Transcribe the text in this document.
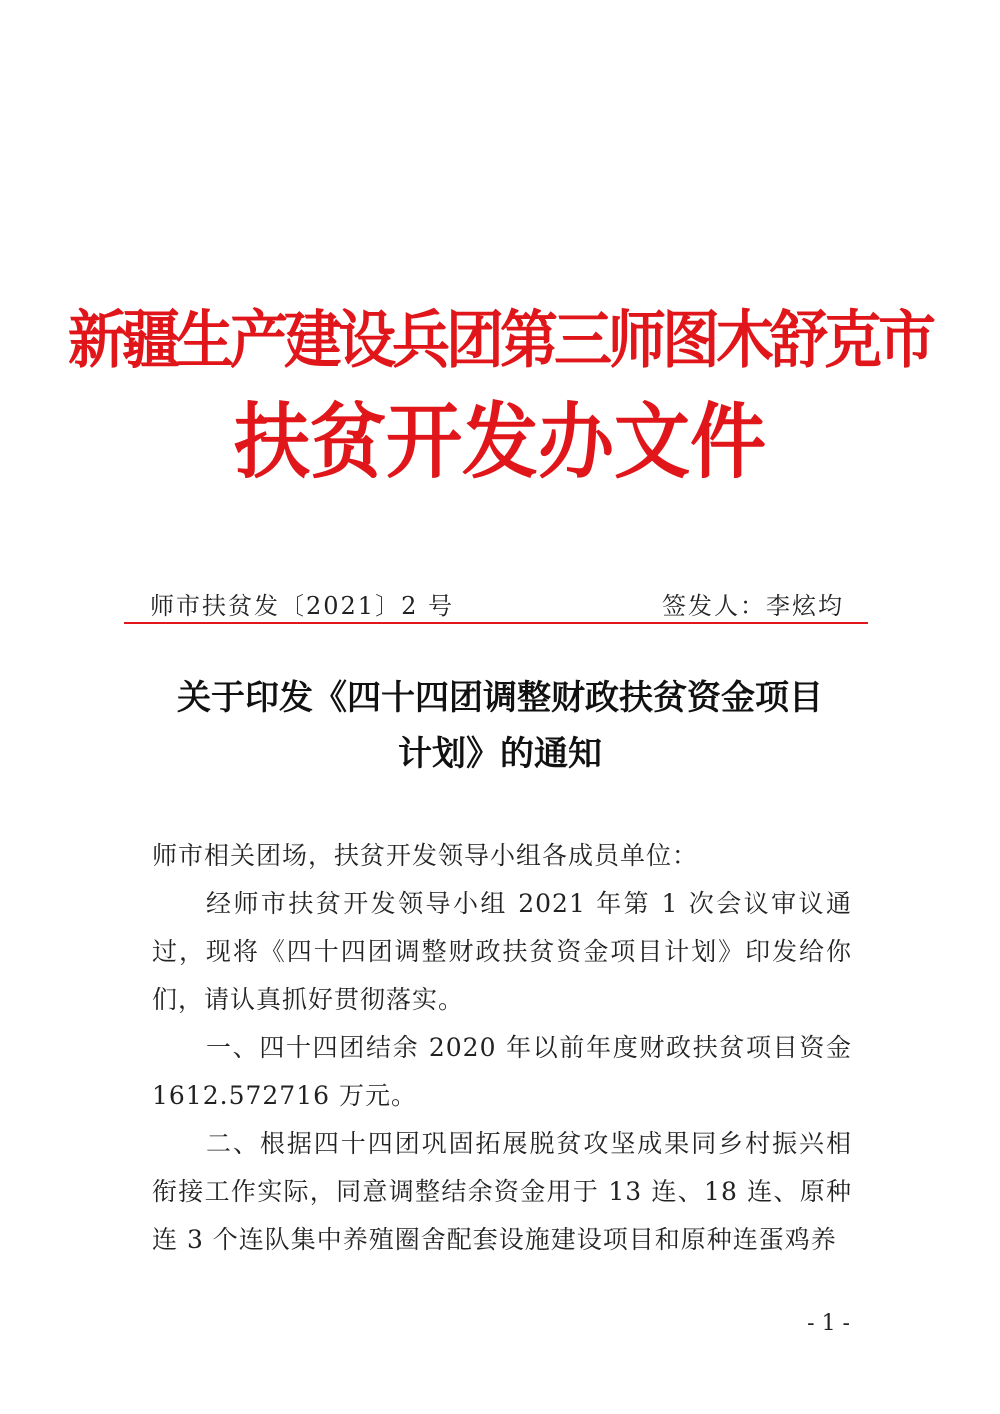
新疆生产建设兵团第三师图木舒克市
扶贫开发办文件
师市扶贫发〔2021〕2 号	签发人：李炫均
关于印发《四十四团调整财政扶贫资金项目
计划》的通知

师市相关团场，扶贫开发领导小组各成员单位：

经师市扶贫开发领导小组 2021 年第 1 次会议审议通过，现将《四十四团调整财政扶贫资金项目计划》印发给你们，请认真抓好贯彻落实。

一、四十四团结余 2020 年以前年度财政扶贫项目资金 1612.572716 万元。

二、根据四十四团巩固拓展脱贫攻坚成果同乡村振兴相衔接工作实际，同意调整结余资金用于 13 连、18 连、原种连 3 个连队集中养殖圈舍配套设施建设项目和原种连蛋鸡养

- 1 -
